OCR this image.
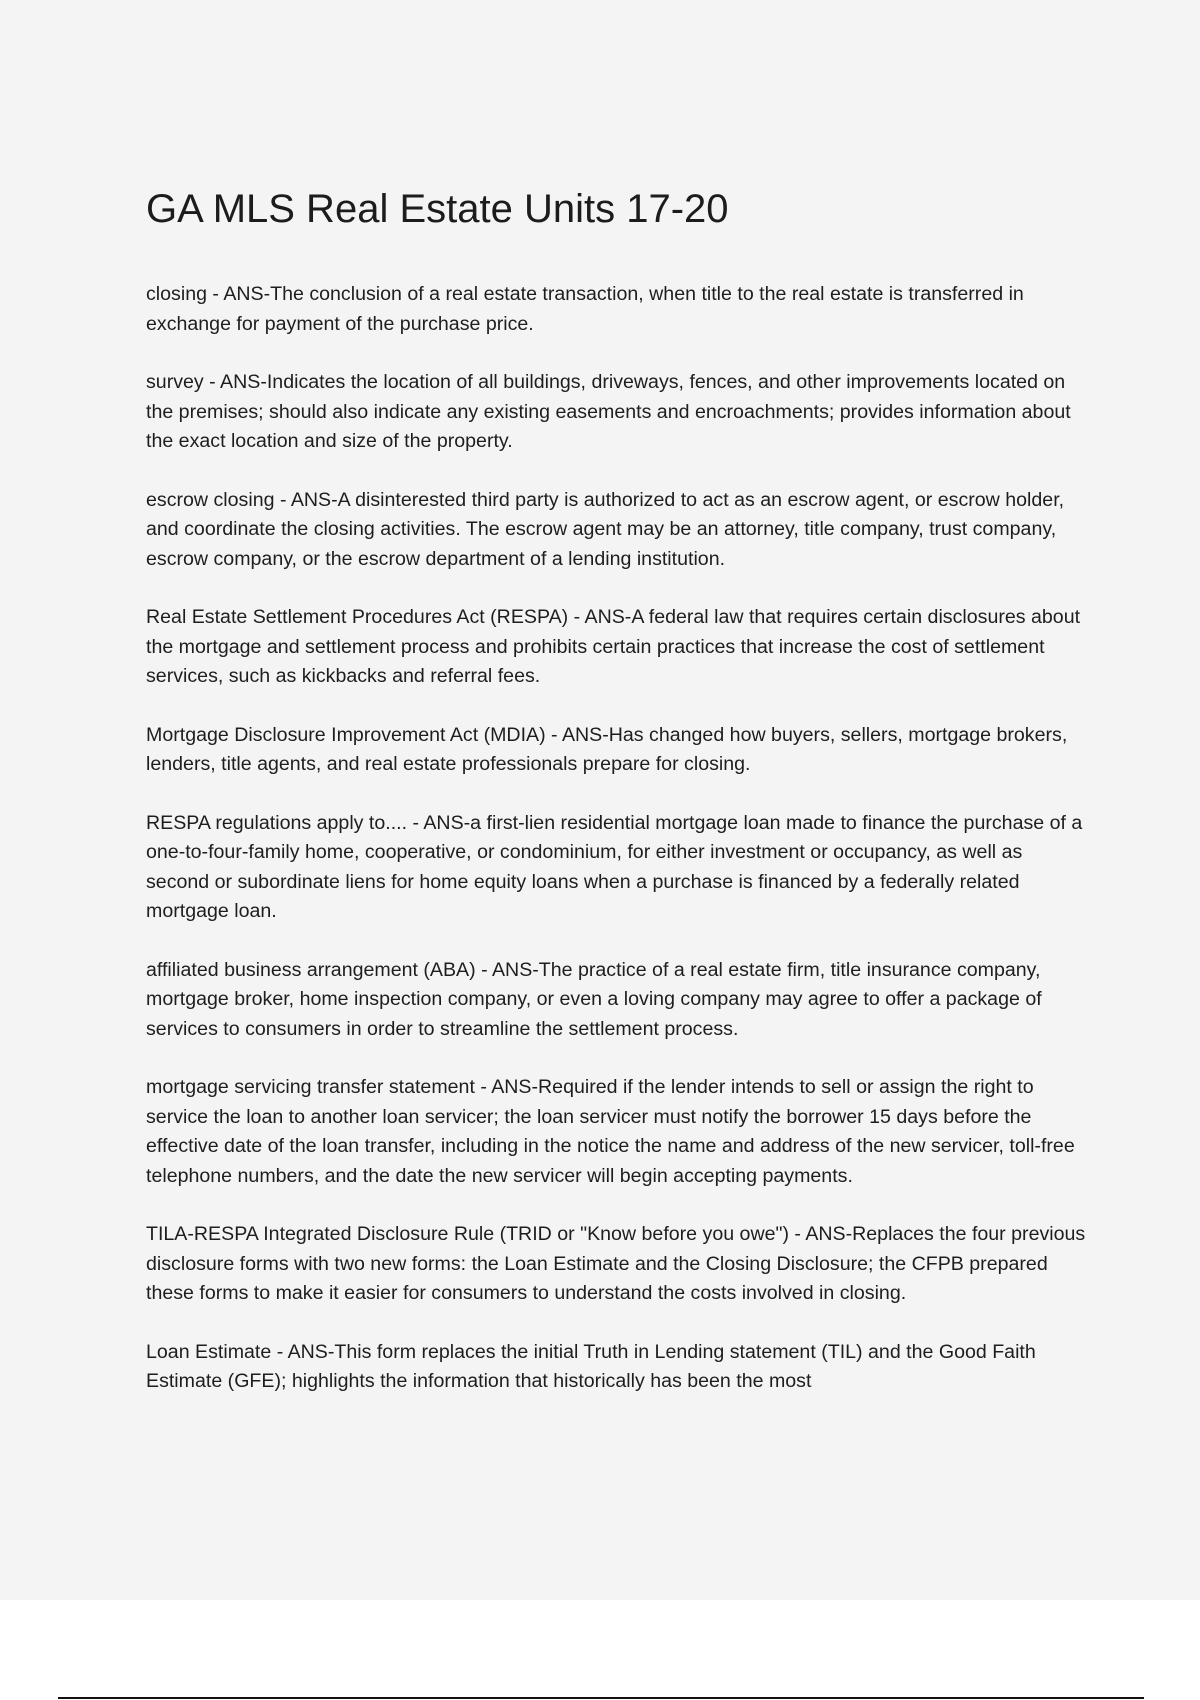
GA MLS Real Estate Units 17-20

closing - ANS-The conclusion of a real estate transaction, when title to the real estate is transferred in exchange for payment of the purchase price.

survey - ANS-Indicates the location of all buildings, driveways, fences, and other improvements located on the premises; should also indicate any existing easements and encroachments; provides information about the exact location and size of the property.

escrow closing - ANS-A disinterested third party is authorized to act as an escrow agent, or escrow holder, and coordinate the closing activities. The escrow agent may be an attorney, title company, trust company, escrow company, or the escrow department of a lending institution.

Real Estate Settlement Procedures Act (RESPA) - ANS-A federal law that requires certain disclosures about the mortgage and settlement process and prohibits certain practices that increase the cost of settlement services, such as kickbacks and referral fees.

Mortgage Disclosure Improvement Act (MDIA) - ANS-Has changed how buyers, sellers, mortgage brokers, lenders, title agents, and real estate professionals prepare for closing.

RESPA regulations apply to.... - ANS-a first-lien residential mortgage loan made to finance the purchase of a one-to-four-family home, cooperative, or condominium, for either investment or occupancy, as well as second or subordinate liens for home equity loans when a purchase is financed by a federally related mortgage loan.

affiliated business arrangement (ABA) - ANS-The practice of a real estate firm, title insurance company, mortgage broker, home inspection company, or even a loving company may agree to offer a package of services to consumers in order to streamline the settlement process.

mortgage servicing transfer statement - ANS-Required if the lender intends to sell or assign the right to service the loan to another loan servicer; the loan servicer must notify the borrower 15 days before the effective date of the loan transfer, including in the notice the name and address of the new servicer, toll-free telephone numbers, and the date the new servicer will begin accepting payments.

TILA-RESPA Integrated Disclosure Rule (TRID or "Know before you owe") - ANS-Replaces the four previous disclosure forms with two new forms: the Loan Estimate and the Closing Disclosure; the CFPB prepared these forms to make it easier for consumers to understand the costs involved in closing.

Loan Estimate - ANS-This form replaces the initial Truth in Lending statement (TIL) and the Good Faith Estimate (GFE); highlights the information that historically has been the most
